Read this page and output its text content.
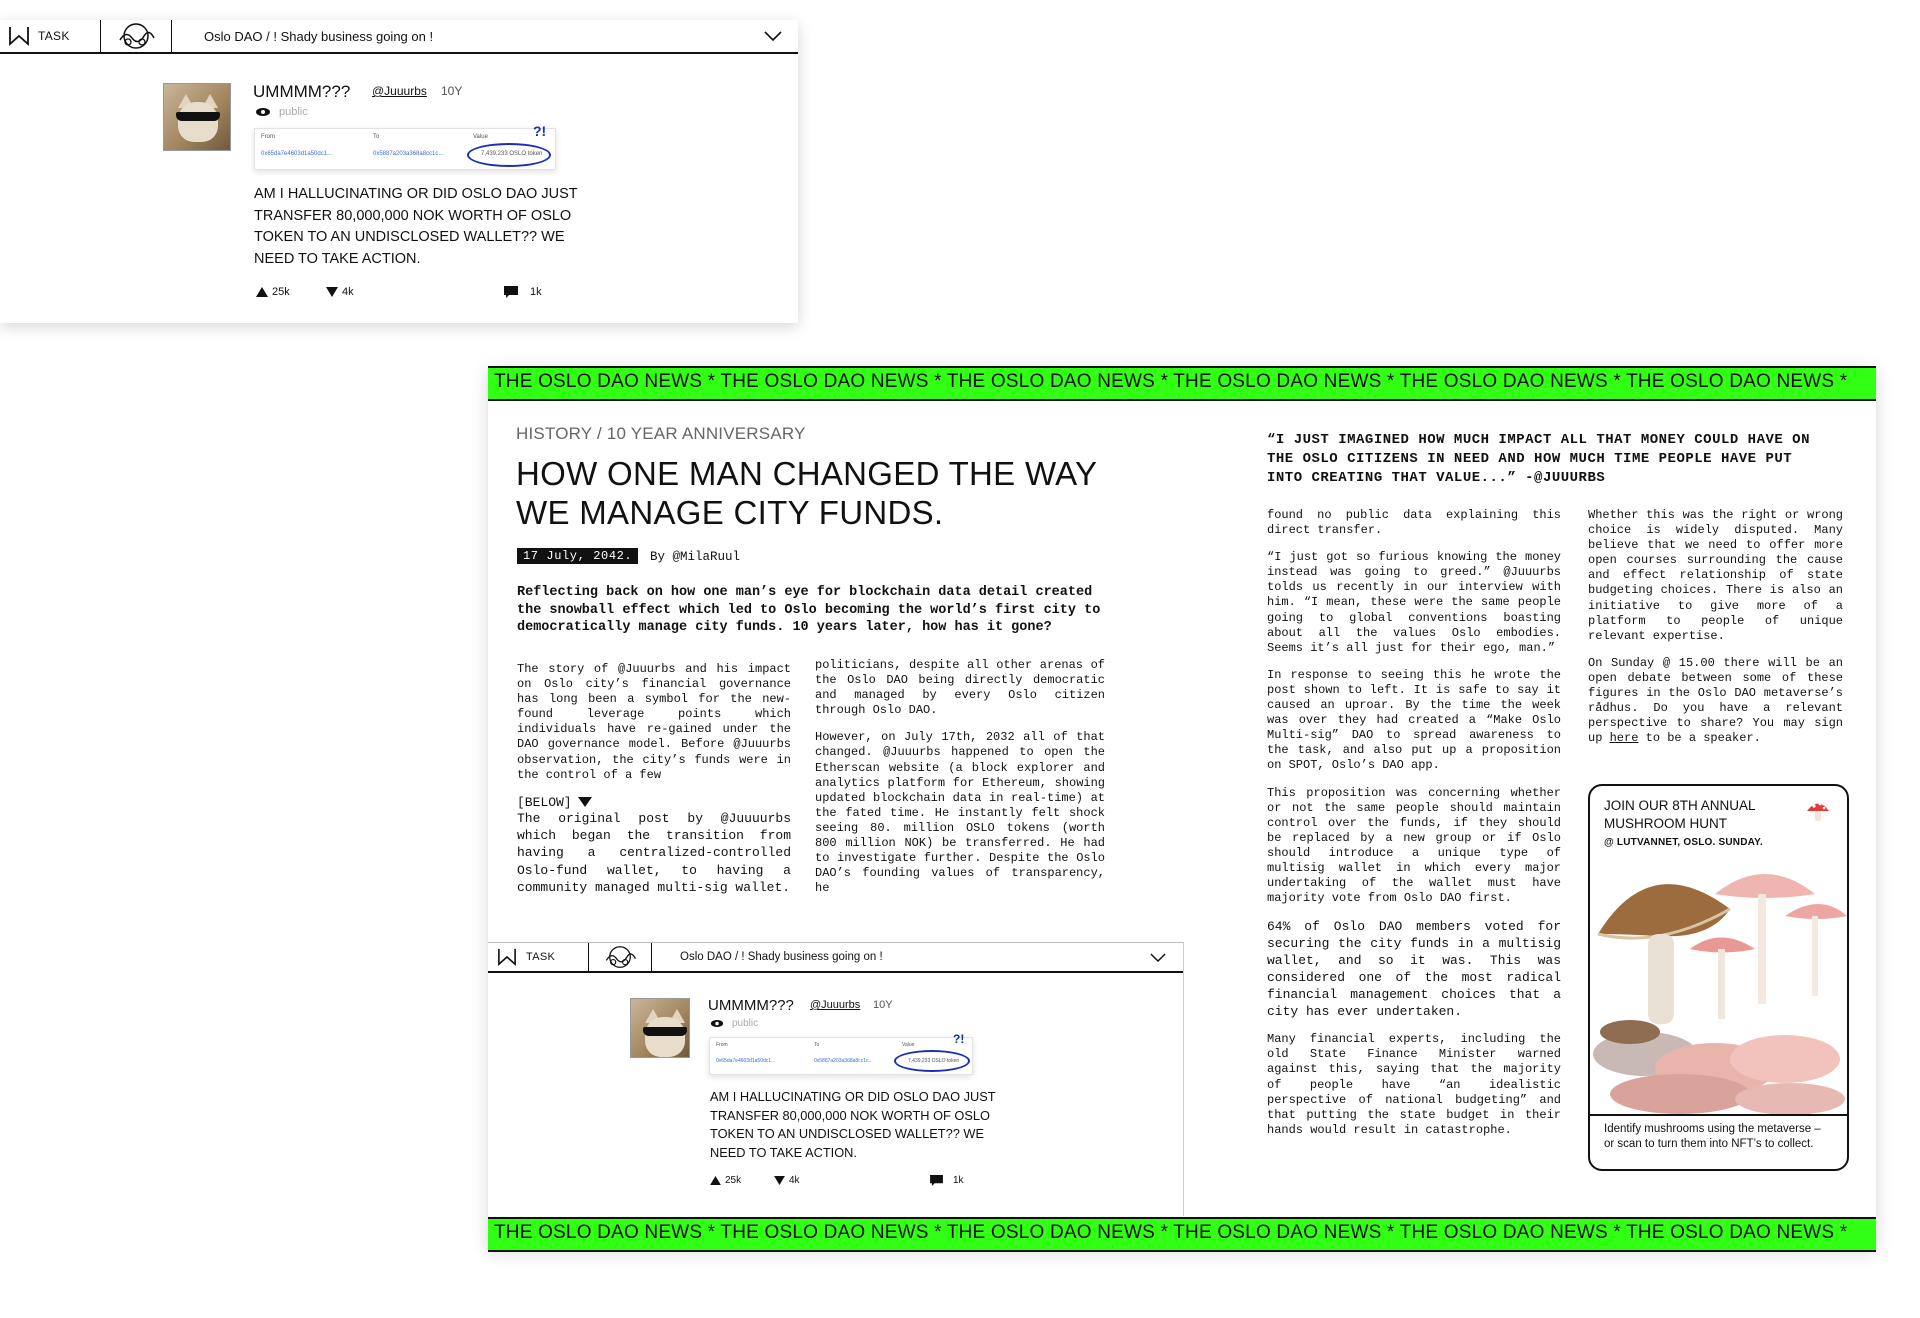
TASK	Oslo DAO / ! Shady business going on !
UMMMM??? @Juuurbs 10Y
public
From	To	Value
0x65da7e4603d1a50dc1...	0x5887a203a368a8cc1c...	7,439,233 OSLO token
?!
AM I HALLUCINATING OR DID OSLO DAO JUST TRANSFER 80,000,000 NOK WORTH OF OSLO TOKEN TO AN UNDISCLOSED WALLET?? WE NEED TO TAKE ACTION.
25k	4k	1k
THE OSLO DAO NEWS * THE OSLO DAO NEWS * THE OSLO DAO NEWS * THE OSLO DAO NEWS * THE OSLO DAO NEWS * THE OSLO DAO NEWS *
HISTORY / 10 YEAR ANNIVERSARY
HOW ONE MAN CHANGED THE WAY WE MANAGE CITY FUNDS.
17 July, 2042.	By @MilaRuul
Reflecting back on how one man’s eye for blockchain data detail created the snowball effect which led to Oslo becoming the world’s first city to democratically manage city funds. 10 years later, how has it gone?

The story of @Juuurbs and his impact on Oslo city’s financial governance has long been a symbol for the new-found leverage points which individuals have re-gained under the DAO governance model. Before @Juuurbs observation, the city’s funds were in the control of a few

[BELOW]

The original post by @Juuuurbs which began the transition from having a centralized-controlled Oslo-fund wallet, to having a community managed multi-sig wallet.

politicians, despite all other arenas of the Oslo DAO being directly democratic and managed by every Oslo citizen through Oslo DAO.

However, on July 17th, 2032 all of that changed. @Juuurbs happened to open the Etherscan website (a block explorer and analytics platform for Ethereum, showing updated blockchain data in real-time) at the fated time. He instantly felt shock seeing 80. million OSLO tokens (worth 800 million NOK) be transferred. He had to investigate further. Despite the Oslo DAO’s founding values of transparency, he

“I JUST IMAGINED HOW MUCH IMPACT ALL THAT MONEY COULD HAVE ON THE OSLO CITIZENS IN NEED AND HOW MUCH TIME PEOPLE HAVE PUT INTO CREATING THAT VALUE...” -@JUUURBS

found no public data explaining this direct transfer.

“I just got so furious knowing the money instead was going to greed.” @Juuurbs tolds us recently in our interview with him. “I mean, these were the same people going to global conventions boasting about all the values Oslo embodies. Seems it’s all just for their ego, man.”

In response to seeing this he wrote the post shown to left. It is safe to say it caused an uproar. By the time the week was over they had created a “Make Oslo Multi-sig” DAO to spread awareness to the task, and also put up a proposition on SPOT, Oslo’s DAO app.

This proposition was concerning whether or not the same people should maintain control over the funds, if they should be replaced by a new group or if Oslo should introduce a unique type of multisig wallet in which every major undertaking of the wallet must have majority vote from Oslo DAO first.

64% of Oslo DAO members voted for securing the city funds in a multisig wallet, and so it was. This was considered one of the most radical financial management choices that a city has ever undertaken.

Many financial experts, including the old State Finance Minister warned against this, saying that the majority of people have “an idealistic perspective of national budgeting” and that putting the state budget in their hands would result in catastrophe.

Whether this was the right or wrong choice is widely disputed. Many believe that we need to offer more open courses surrounding the cause and effect relationship of state budgeting choices. There is also an initiative to give more of a platform to people of unique relevant expertise.

On Sunday @ 15.00 there will be an open debate between some of these figures in the Oslo DAO metaverse’s rådhus. Do you have a relevant perspective to share? You may sign up here to be a speaker.

JOIN OUR 8TH ANNUAL MUSHROOM HUNT
@ LUTVANNET, OSLO. SUNDAY.
Identify mushrooms using the metaverse – or scan to turn them into NFT’s to collect.
TASK	Oslo DAO / ! Shady business going on !
UMMMM??? @Juuurbs 10Y
public
From	To	Value
0x65da7e4603d1a50dc1...	0x5887a203a368a8cc1c...	7,439,233 OSLO token
?!
AM I HALLUCINATING OR DID OSLO DAO JUST TRANSFER 80,000,000 NOK WORTH OF OSLO TOKEN TO AN UNDISCLOSED WALLET?? WE NEED TO TAKE ACTION.
25k	4k	1k
THE OSLO DAO NEWS * THE OSLO DAO NEWS * THE OSLO DAO NEWS * THE OSLO DAO NEWS * THE OSLO DAO NEWS * THE OSLO DAO NEWS *
